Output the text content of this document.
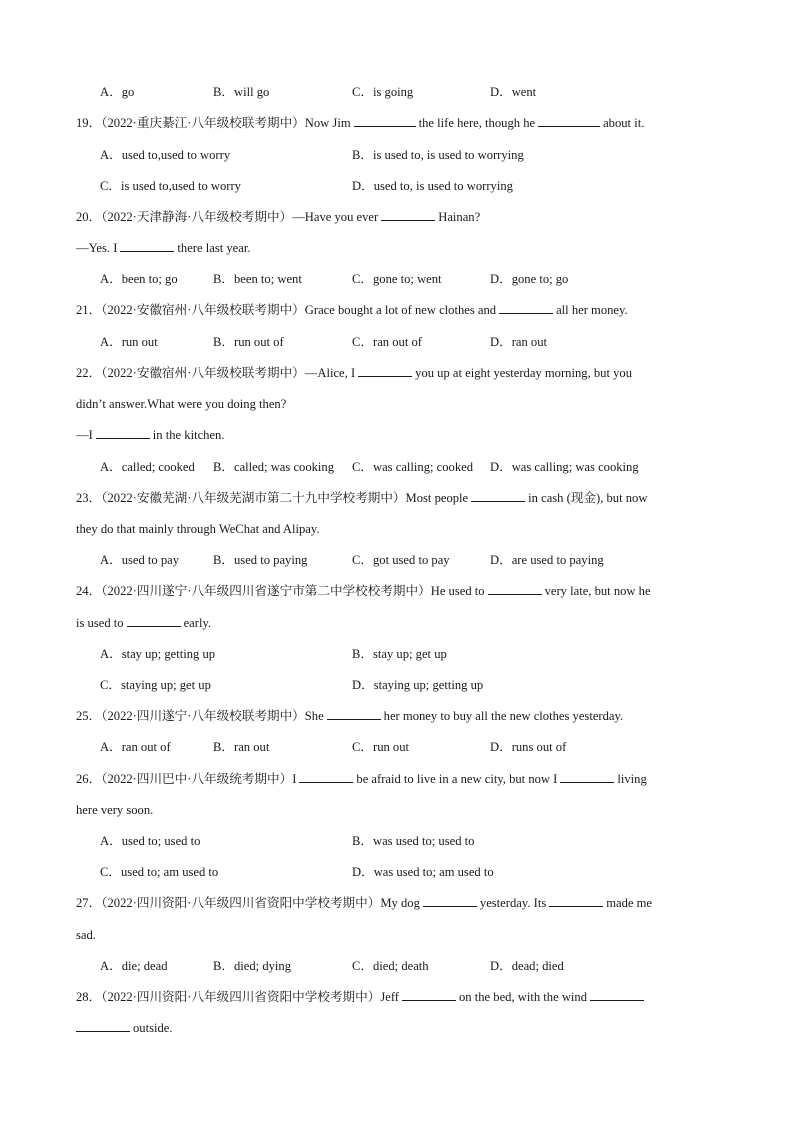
A．go	B．will go	C．is going	D．went
19．（2022·重庆綦江·八年级校联考期中）Now Jim	the life here, though he	about it.
A．used to,used to worry	B．is used to, is used to worrying
C．is used to,used to worry	D．used to, is used to worrying
20．（2022·天津静海·八年级校考期中）—Have you ever	Hainan?
—Yes. I	there last year.
A．been to; go	B．been to; went	C．gone to; went	D．gone to; go
21．（2022·安徽宿州·八年级校联考期中）Grace bought a lot of new clothes and	all her money.
A．run out	B．run out of	C．ran out of	D．ran out
22．（2022·安徽宿州·八年级校联考期中）—Alice, I	you up at eight yesterday morning, but you
didn’t answer.What were you doing then?
—I	in the kitchen.
A．called; cooked B．called; was cooking C．was calling; cooked D．was calling; was cooking
23．（2022·安徽芜湖·八年级芜湖市第二十九中学校考期中）Most people	in cash (现金), but now
they do that mainly through WeChat and Alipay.
A．used to pay	B．used to paying	C．got used to pay	D．are used to paying
24．（2022·四川遂宁·八年级四川省遂宁市第二中学校校考期中）He used to	very late, but now he
is used to	early.
A．stay up; getting up	B．stay up; get up
C．staying up; get up	D．staying up; getting up
25．（2022·四川遂宁·八年级校联考期中）She	her money to buy all the new clothes yesterday.
A．ran out of	B．ran out	C．run out	D．runs out of
26．（2022·四川巴中·八年级统考期中）I	be afraid to live in a new city, but now I	living
here very soon.
A．used to; used to	B．was used to; used to
C．used to; am used to	D．was used to; am used to
27．（2022·四川资阳·八年级四川省资阳中学校考期中）My dog	yesterday. Its	made me
sad.
A．die; dead	B．died; dying	C．died; death	D．dead; died
28．（2022·四川资阳·八年级四川省资阳中学校考期中）Jeff	on the bed, with the wind
outside.
